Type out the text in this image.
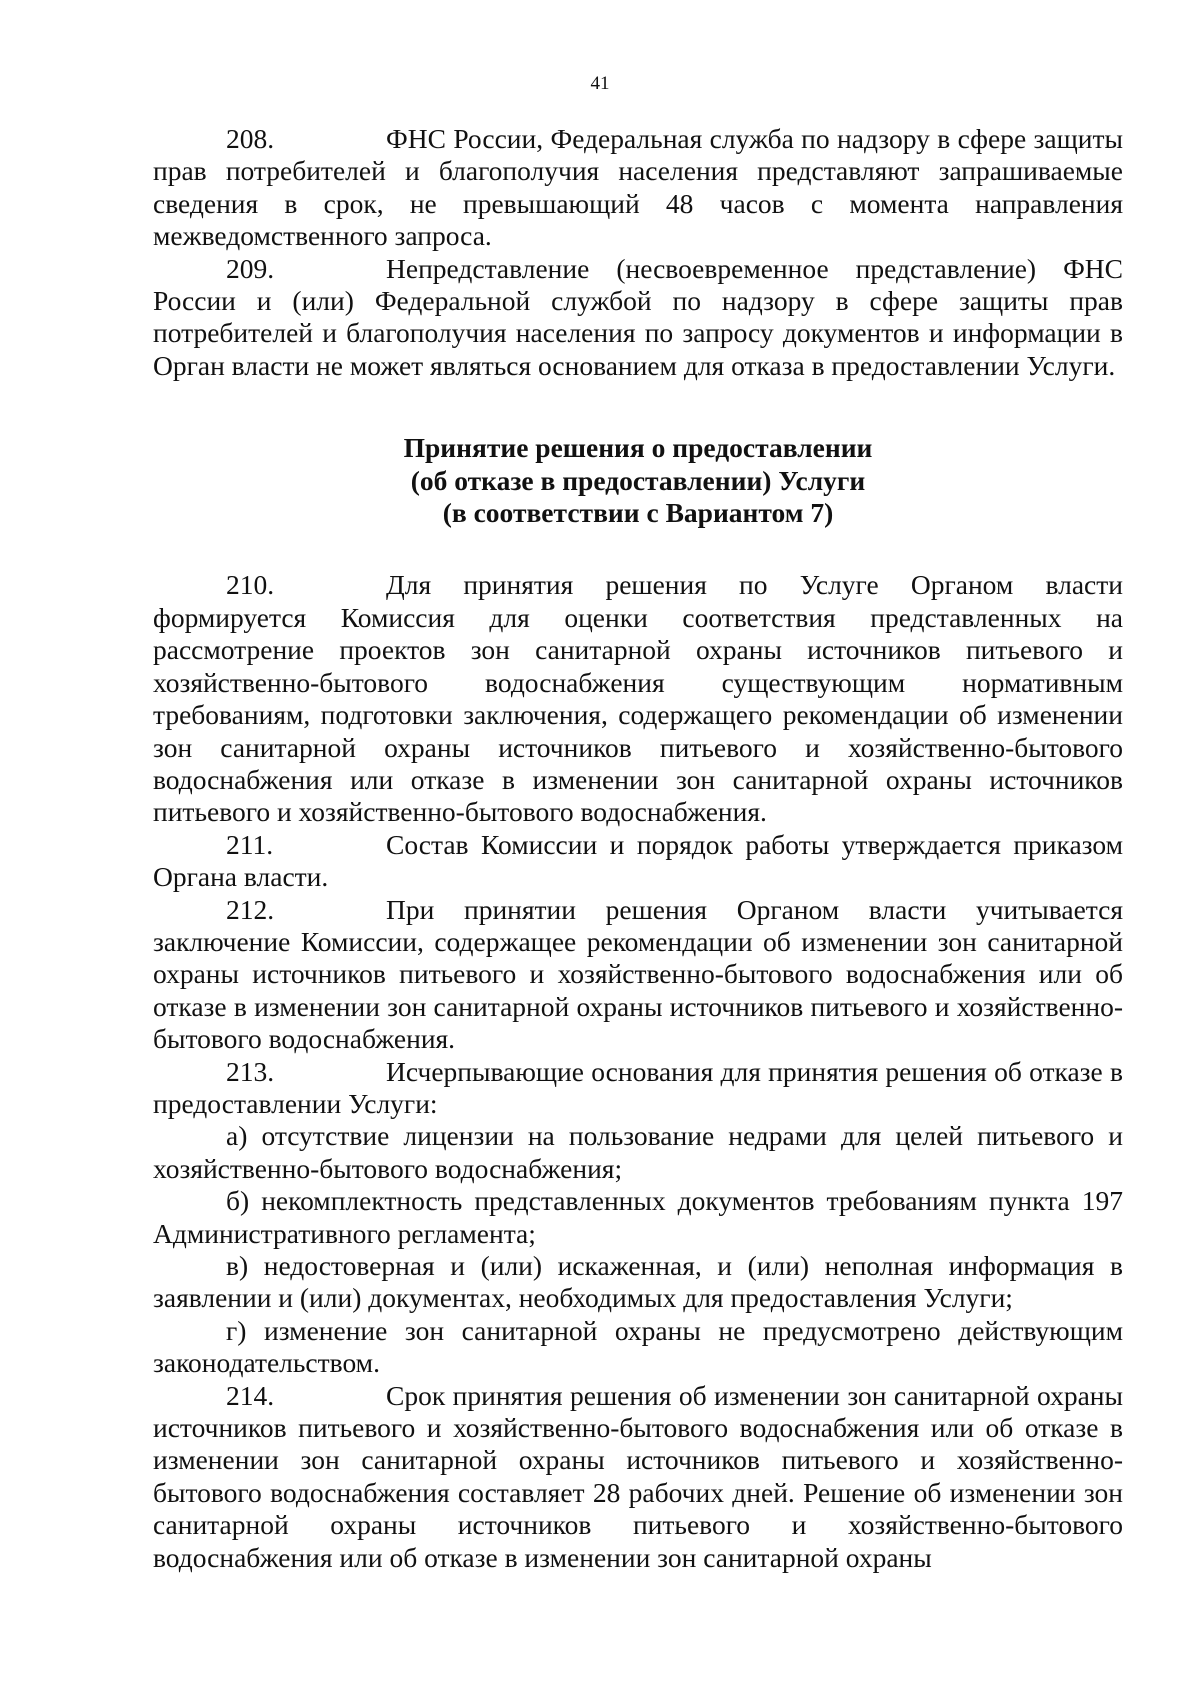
41

208.	ФНС России, Федеральная служба по надзору в сфере защиты прав потребителей и благополучия населения представляют запрашиваемые сведения в срок, не превышающий 48 часов с момента направления межведомственного запроса.

209.	Непредставление (несвоевременное представление) ФНС России и (или) Федеральной службой по надзору в сфере защиты прав потребителей и благополучия населения по запросу документов и информации в Орган власти не может являться основанием для отказа в предоставлении Услуги.

Принятие решения о предоставлении
(об отказе в предоставлении) Услуги
(в соответствии с Вариантом 7)

210.	Для принятия решения по Услуге Органом власти формируется Комиссия для оценки соответствия представленных на рассмотрение проектов зон санитарной охраны источников питьевого и хозяйственно-бытового водоснабжения существующим нормативным требованиям, подготовки заключения, содержащего рекомендации об изменении зон санитарной охраны источников питьевого и хозяйственно-бытового водоснабжения или отказе в изменении зон санитарной охраны источников питьевого и хозяйственно-бытового водоснабжения.

211.	Состав Комиссии и порядок работы утверждается приказом Органа власти.

212.	При принятии решения Органом власти учитывается заключение Комиссии, содержащее рекомендации об изменении зон санитарной охраны источников питьевого и хозяйственно-бытового водоснабжения или об отказе в изменении зон санитарной охраны источников питьевого и хозяйственно-бытового водоснабжения.

213.	Исчерпывающие основания для принятия решения об отказе в предоставлении Услуги:

а) отсутствие лицензии на пользование недрами для целей питьевого и хозяйственно-бытового водоснабжения;

б) некомплектность представленных документов требованиям пункта 197 Административного регламента;

в) недостоверная и (или) искаженная, и (или) неполная информация в заявлении и (или) документах, необходимых для предоставления Услуги;

г) изменение зон санитарной охраны не предусмотрено действующим законодательством.

214.	Срок принятия решения об изменении зон санитарной охраны источников питьевого и хозяйственно-бытового водоснабжения или об отказе в изменении зон санитарной охраны источников питьевого и хозяйственно-бытового водоснабжения составляет 28 рабочих дней. Решение об изменении зон санитарной охраны источников питьевого и хозяйственно-бытового водоснабжения или об отказе в изменении зон санитарной охраны
